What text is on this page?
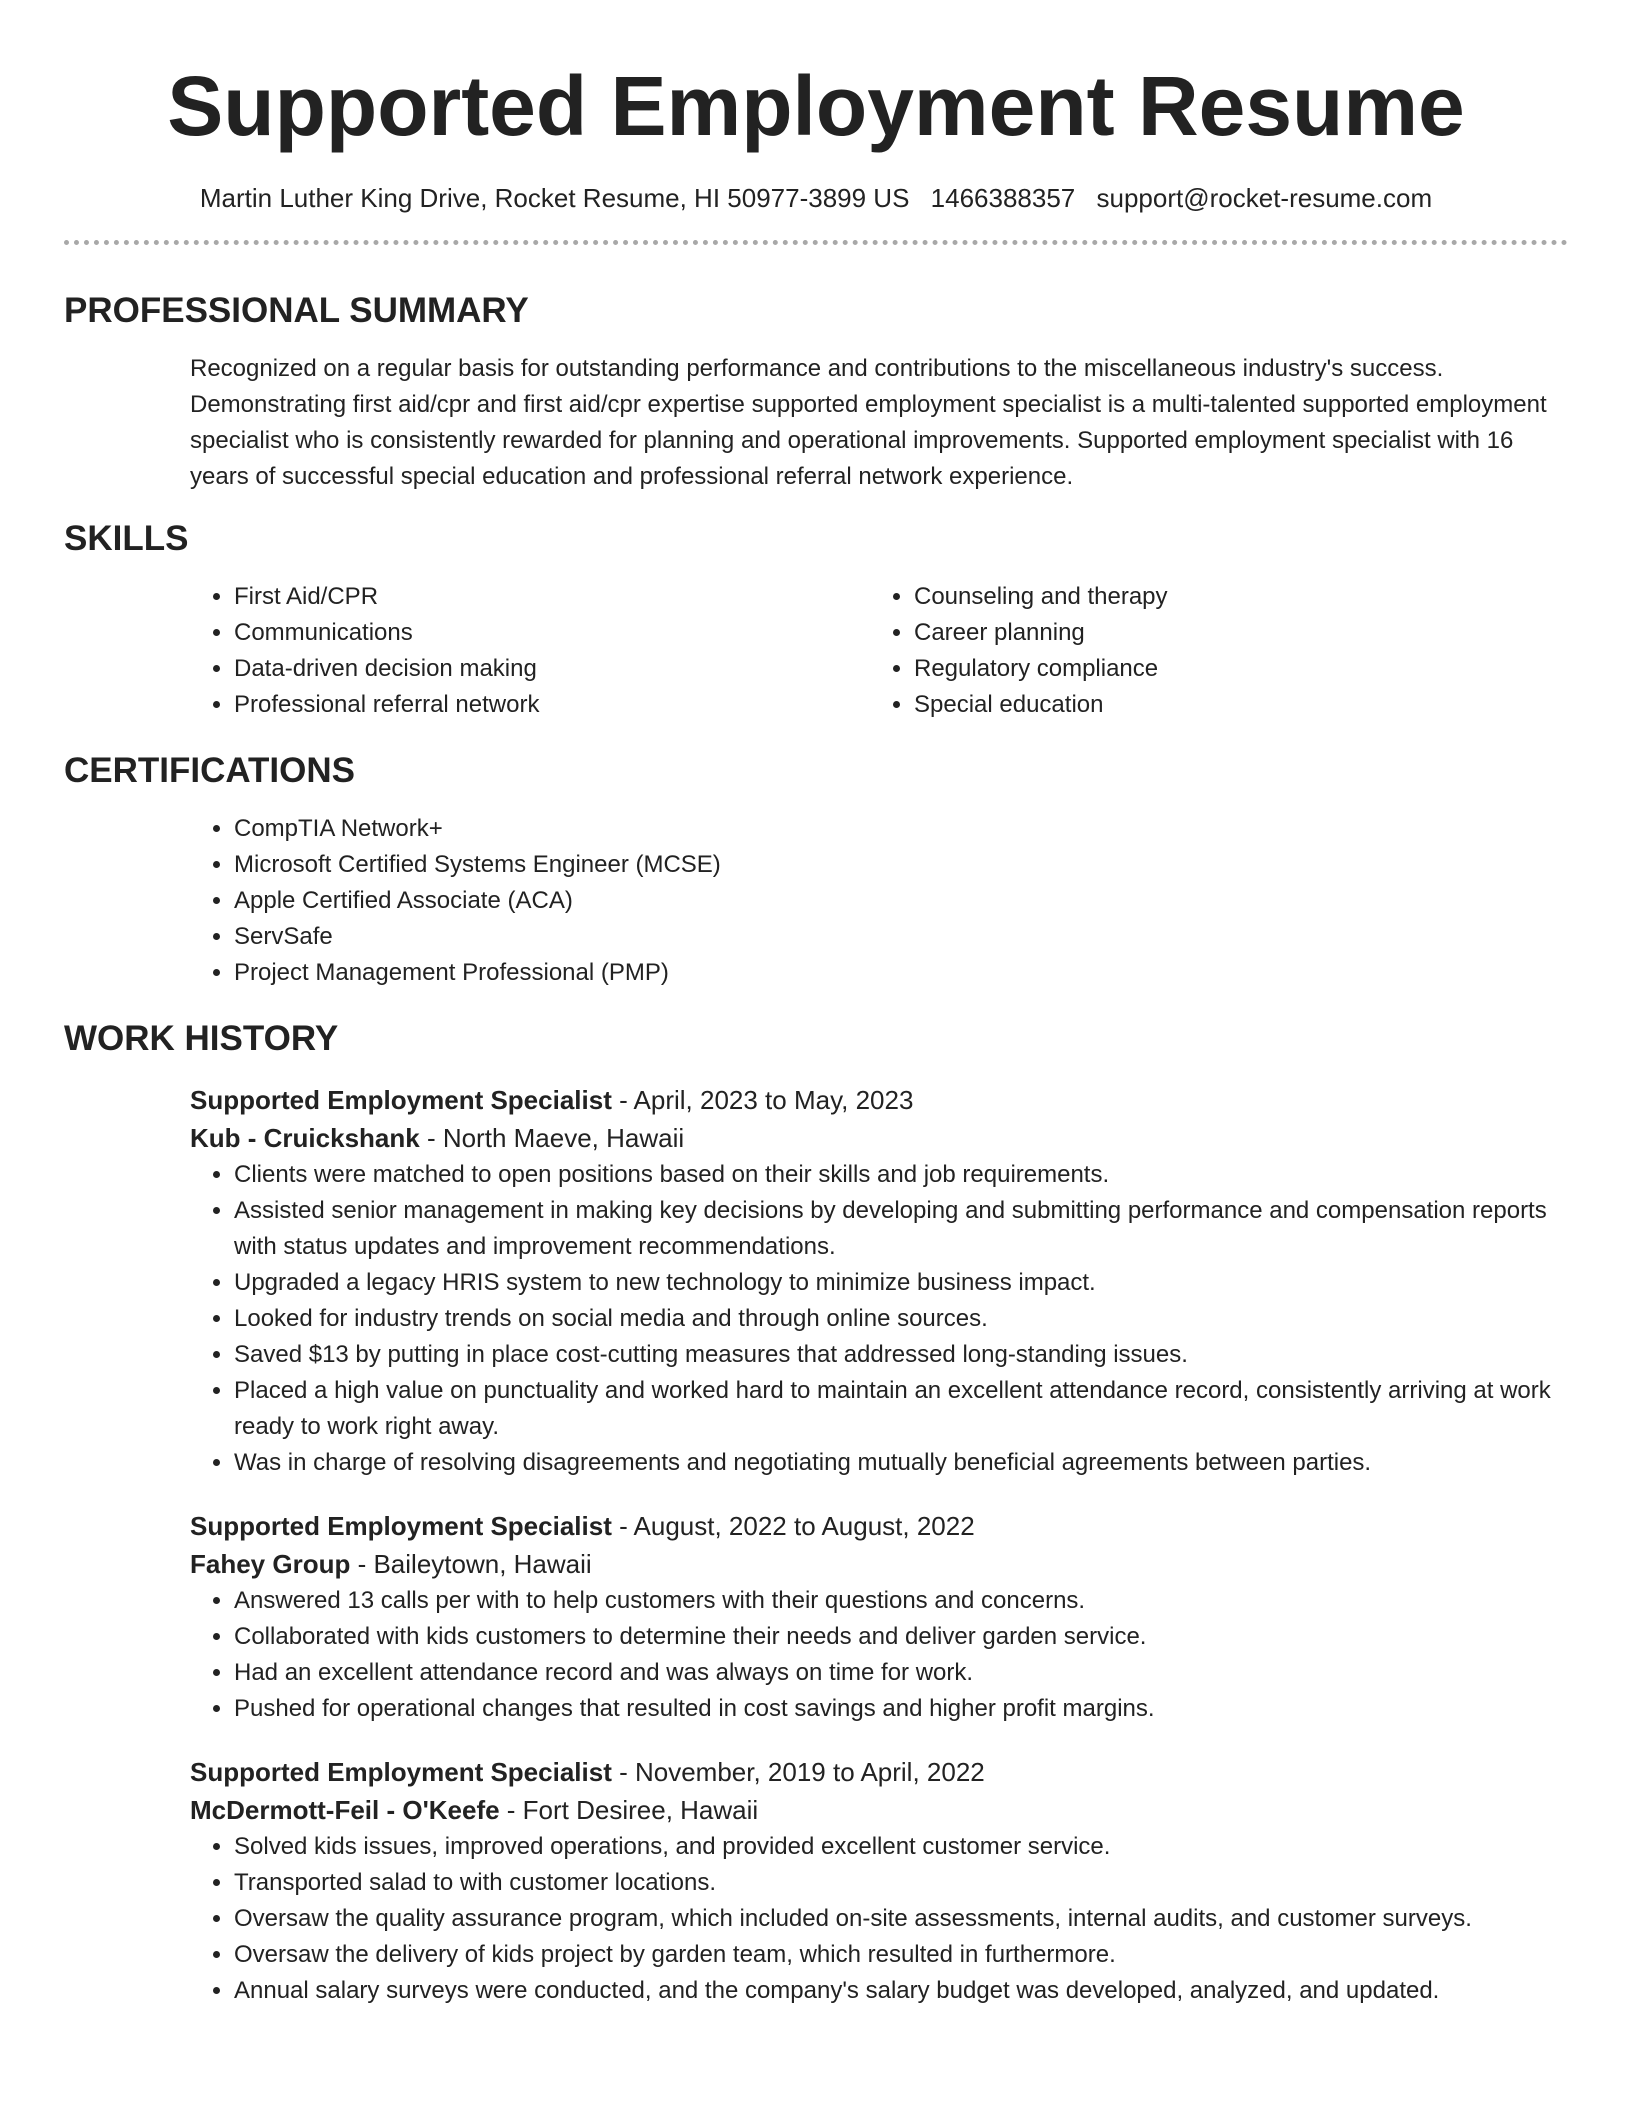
Supported Employment Resume
Martin Luther King Drive, Rocket Resume, HI 50977-3899 US 1466388357 support@rocket-resume.com
PROFESSIONAL SUMMARY
Recognized on a regular basis for outstanding performance and contributions to the miscellaneous industry's success. Demonstrating first aid/cpr and first aid/cpr expertise supported employment specialist is a multi-talented supported employment specialist who is consistently rewarded for planning and operational improvements. Supported employment specialist with 16 years of successful special education and professional referral network experience.
SKILLS
• First Aid/CPR
• Communications
• Data-driven decision making
• Professional referral network
• Counseling and therapy
• Career planning
• Regulatory compliance
• Special education
CERTIFICATIONS
• CompTIA Network+
• Microsoft Certified Systems Engineer (MCSE)
• Apple Certified Associate (ACA)
• ServSafe
• Project Management Professional (PMP)
WORK HISTORY
Supported Employment Specialist - April, 2023 to May, 2023
Kub - Cruickshank - North Maeve, Hawaii
• Clients were matched to open positions based on their skills and job requirements.
• Assisted senior management in making key decisions by developing and submitting performance and compensation reports with status updates and improvement recommendations.
• Upgraded a legacy HRIS system to new technology to minimize business impact.
• Looked for industry trends on social media and through online sources.
• Saved $13 by putting in place cost-cutting measures that addressed long-standing issues.
• Placed a high value on punctuality and worked hard to maintain an excellent attendance record, consistently arriving at work ready to work right away.
• Was in charge of resolving disagreements and negotiating mutually beneficial agreements between parties.
Supported Employment Specialist - August, 2022 to August, 2022
Fahey Group - Baileytown, Hawaii
• Answered 13 calls per with to help customers with their questions and concerns.
• Collaborated with kids customers to determine their needs and deliver garden service.
• Had an excellent attendance record and was always on time for work.
• Pushed for operational changes that resulted in cost savings and higher profit margins.
Supported Employment Specialist - November, 2019 to April, 2022
McDermott-Feil - O'Keefe - Fort Desiree, Hawaii
• Solved kids issues, improved operations, and provided excellent customer service.
• Transported salad to with customer locations.
• Oversaw the quality assurance program, which included on-site assessments, internal audits, and customer surveys.
• Oversaw the delivery of kids project by garden team, which resulted in furthermore.
• Annual salary surveys were conducted, and the company's salary budget was developed, analyzed, and updated.
